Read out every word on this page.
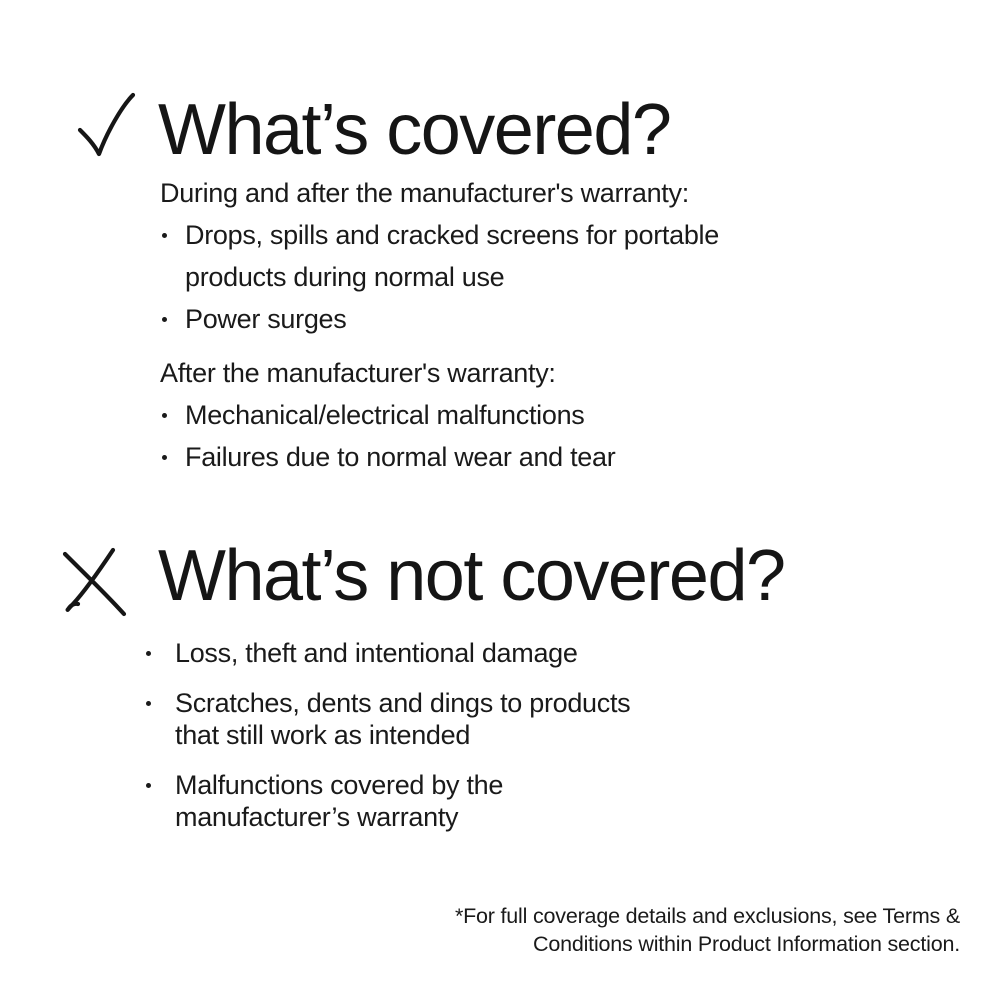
What’s covered?
During and after the manufacturer's warranty:
Drops, spills and cracked screens for portable
products during normal use
Power surges
After the manufacturer's warranty:
Mechanical/electrical malfunctions
Failures due to normal wear and tear
What’s not covered?
Loss, theft and intentional damage
Scratches, dents and dings to products
that still work as intended
Malfunctions covered by the
manufacturer’s warranty
*For full coverage details and exclusions, see Terms &
Conditions within Product Information section.
